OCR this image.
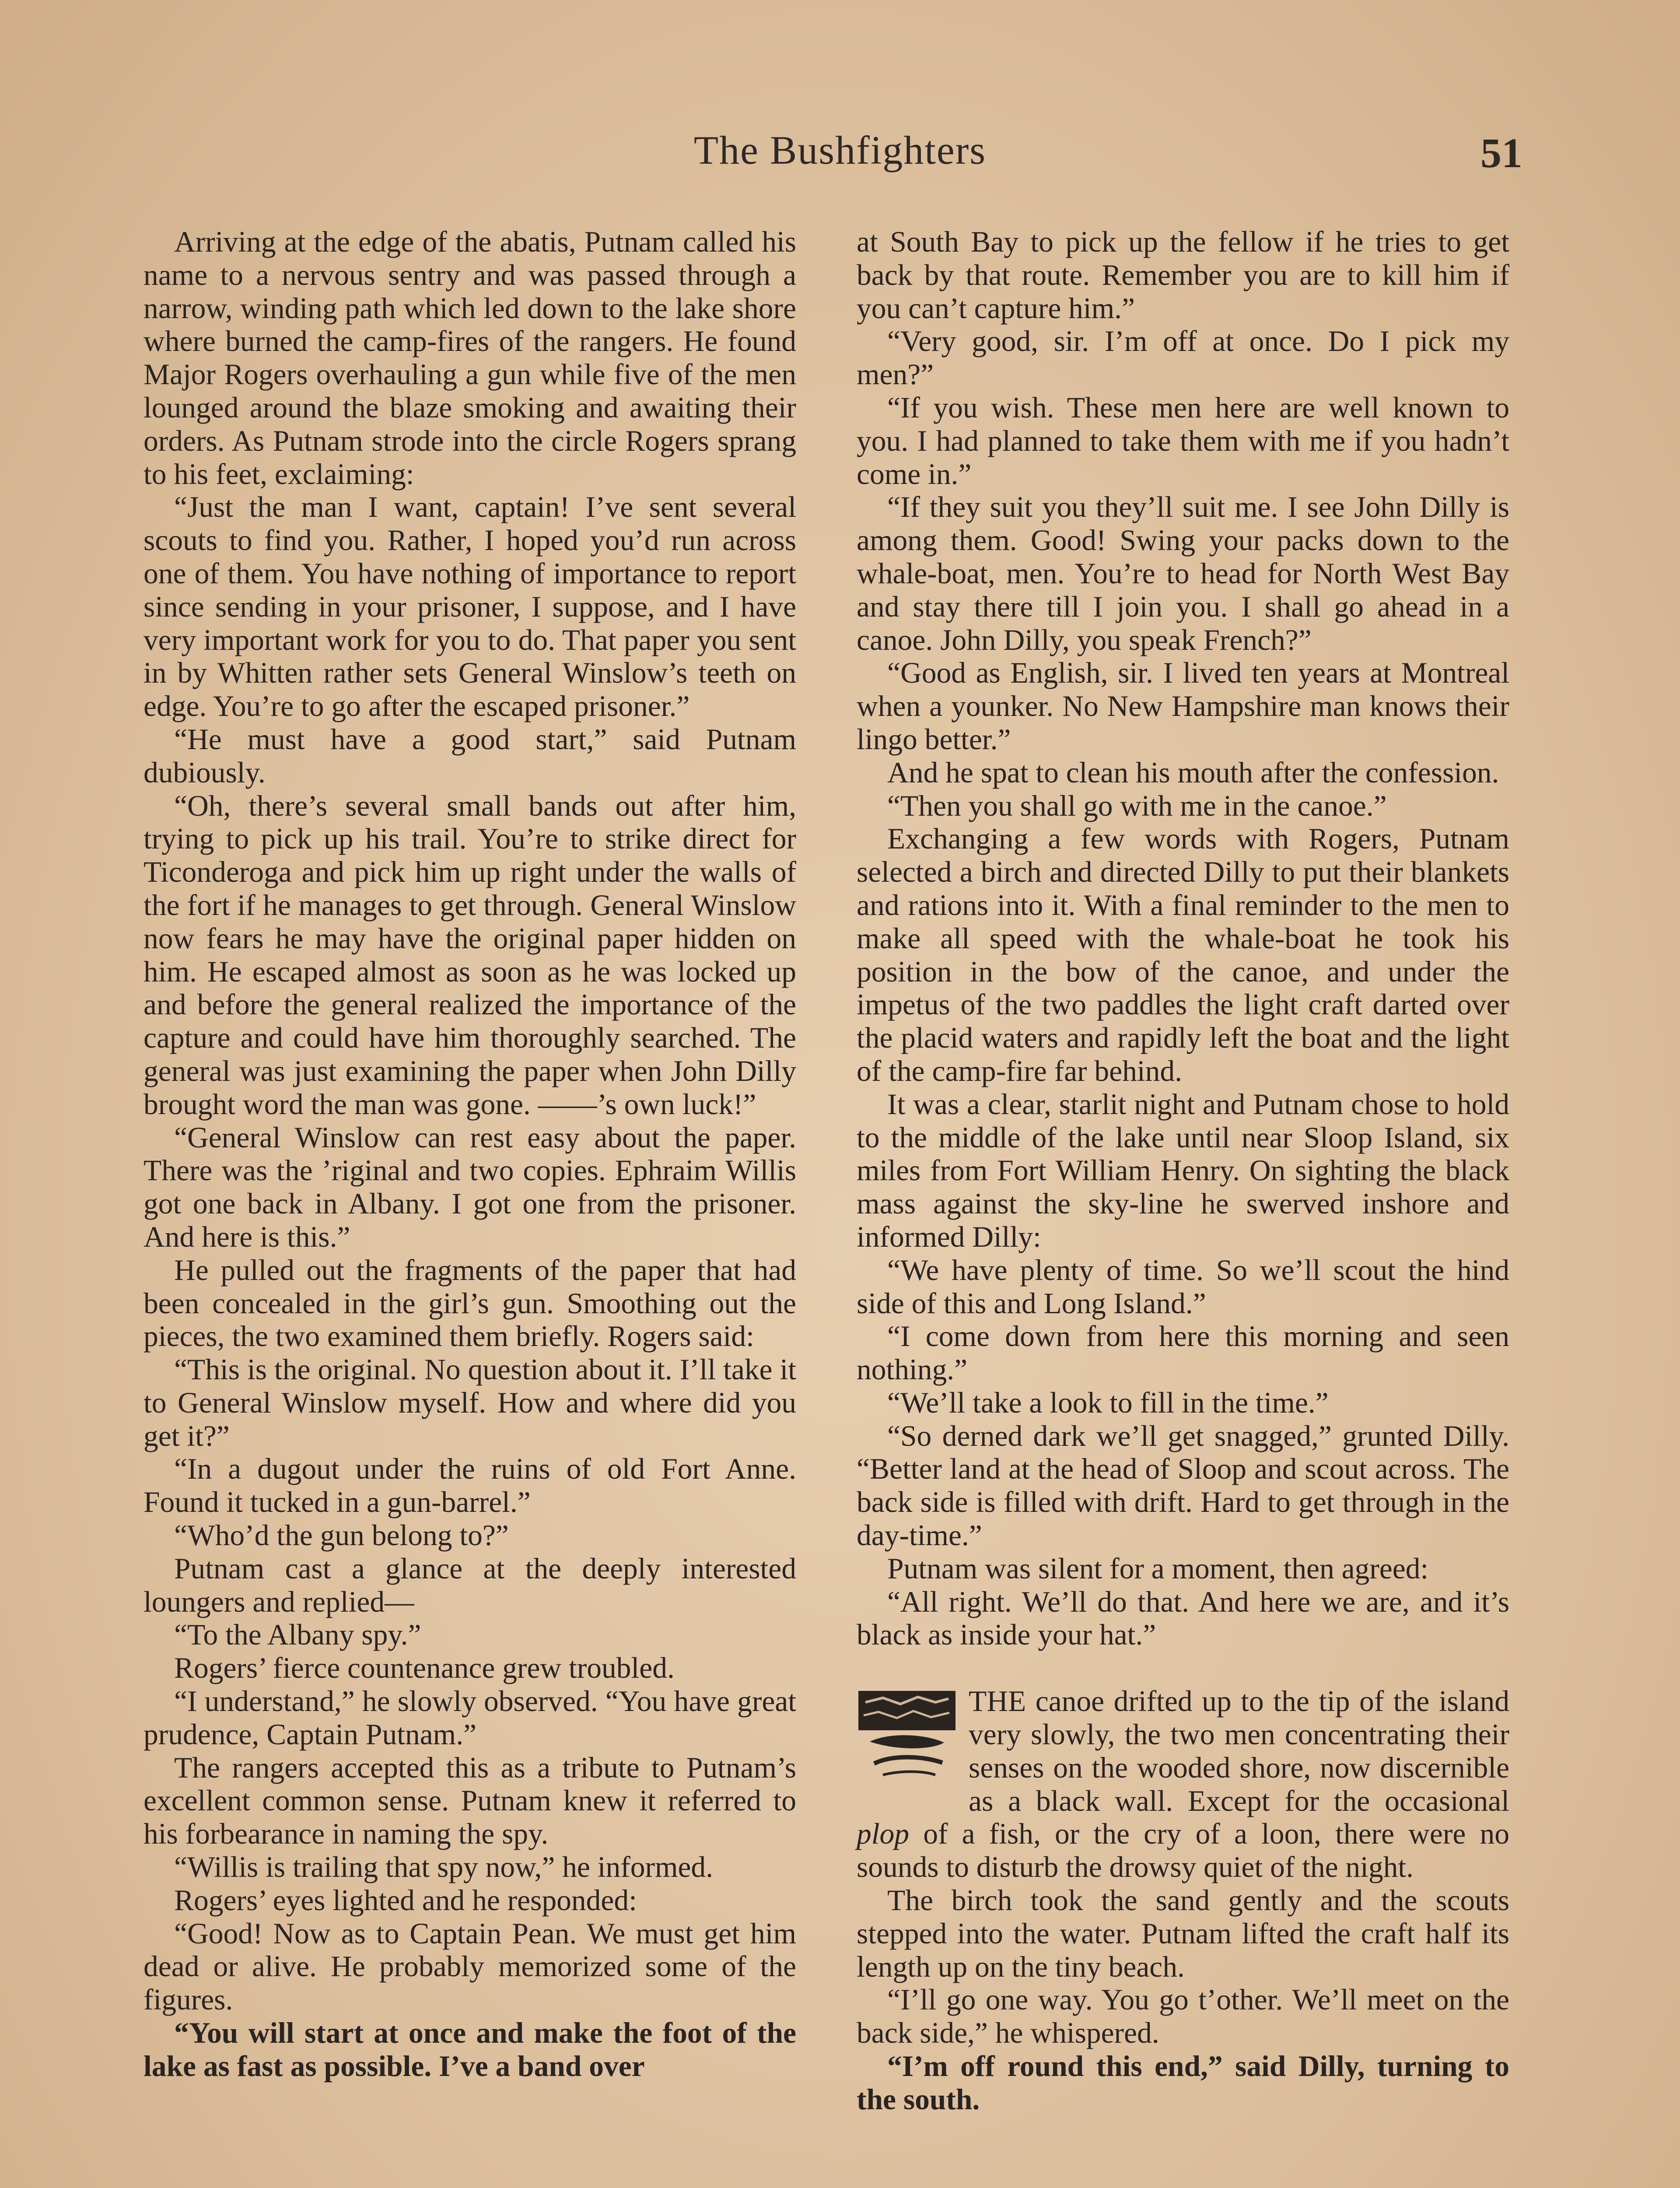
The Bushfighters	51

Arriving at the edge of the abatis, Putnam called his name to a nervous sentry and was passed through a narrow, winding path which led down to the lake shore where burned the camp-fires of the rangers. He found Major Rogers overhauling a gun while five of the men lounged around the blaze smoking and awaiting their orders. As Putnam strode into the circle Rogers sprang to his feet, exclaiming:

“Just the man I want, captain! I’ve sent several scouts to find you. Rather, I hoped you’d run across one of them. You have nothing of importance to report since sending in your prisoner, I suppose, and I have very important work for you to do. That paper you sent in by Whitten rather sets General Winslow’s teeth on edge. You’re to go after the escaped prisoner.”

“He must have a good start,” said Putnam dubiously.

“Oh, there’s several small bands out after him, trying to pick up his trail. You’re to strike direct for Ticonderoga and pick him up right under the walls of the fort if he manages to get through. General Winslow now fears he may have the original paper hidden on him. He escaped almost as soon as he was locked up and before the general realized the importance of the capture and could have him thoroughly searched. The general was just examining the paper when John Dilly brought word the man was gone. ——’s own luck!”

“General Winslow can rest easy about the paper. There was the ’riginal and two copies. Ephraim Willis got one back in Albany. I got one from the prisoner. And here is this.”

He pulled out the fragments of the paper that had been concealed in the girl’s gun. Smoothing out the pieces, the two examined them briefly. Rogers said:

“This is the original. No question about it. I’ll take it to General Winslow myself. How and where did you get it?”

“In a dugout under the ruins of old Fort Anne. Found it tucked in a gun-barrel.”

“Who’d the gun belong to?”

Putnam cast a glance at the deeply interested loungers and replied—

“To the Albany spy.”

Rogers’ fierce countenance grew troubled.

“I understand,” he slowly observed. “You have great prudence, Captain Putnam.”

The rangers accepted this as a tribute to Putnam’s excellent common sense. Putnam knew it referred to his forbearance in naming the spy.

“Willis is trailing that spy now,” he informed.

Rogers’ eyes lighted and he responded:

“Good! Now as to Captain Pean. We must get him dead or alive. He probably memorized some of the figures.

“You will start at once and make the foot of the lake as fast as possible. I’ve a band over

at South Bay to pick up the fellow if he tries to get back by that route. Remember you are to kill him if you can’t capture him.”

“Very good, sir. I’m off at once. Do I pick my men?”

“If you wish. These men here are well known to you. I had planned to take them with me if you hadn’t come in.”

“If they suit you they’ll suit me. I see John Dilly is among them. Good! Swing your packs down to the whale-boat, men. You’re to head for North West Bay and stay there till I join you. I shall go ahead in a canoe. John Dilly, you speak French?”

“Good as English, sir. I lived ten years at Montreal when a younker. No New Hampshire man knows their lingo better.”

And he spat to clean his mouth after the confession.

“Then you shall go with me in the canoe.”

Exchanging a few words with Rogers, Putnam selected a birch and directed Dilly to put their blankets and rations into it. With a final reminder to the men to make all speed with the whale-boat he took his position in the bow of the canoe, and under the impetus of the two paddles the light craft darted over the placid waters and rapidly left the boat and the light of the camp-fire far behind.

It was a clear, starlit night and Putnam chose to hold to the middle of the lake until near Sloop Island, six miles from Fort William Henry. On sighting the black mass against the sky-line he swerved inshore and informed Dilly:

“We have plenty of time. So we’ll scout the hind side of this and Long Island.”

“I come down from here this morning and seen nothing.”

“We’ll take a look to fill in the time.”

“So derned dark we’ll get snagged,” grunted Dilly. “Better land at the head of Sloop and scout across. The back side is filled with drift. Hard to get through in the day-time.”

Putnam was silent for a moment, then agreed:

“All right. We’ll do that. And here we are, and it’s black as inside your hat.”

THE canoe drifted up to the tip of the island very slowly, the two men concentrating their senses on the wooded shore, now discernible as a black wall. Except for the occasional plop of a fish, or the cry of a loon, there were no sounds to disturb the drowsy quiet of the night.

The birch took the sand gently and the scouts stepped into the water. Putnam lifted the craft half its length up on the tiny beach.

“I’ll go one way. You go t’other. We’ll meet on the back side,” he whispered.

“I’m off round this end,” said Dilly, turning to the south.
